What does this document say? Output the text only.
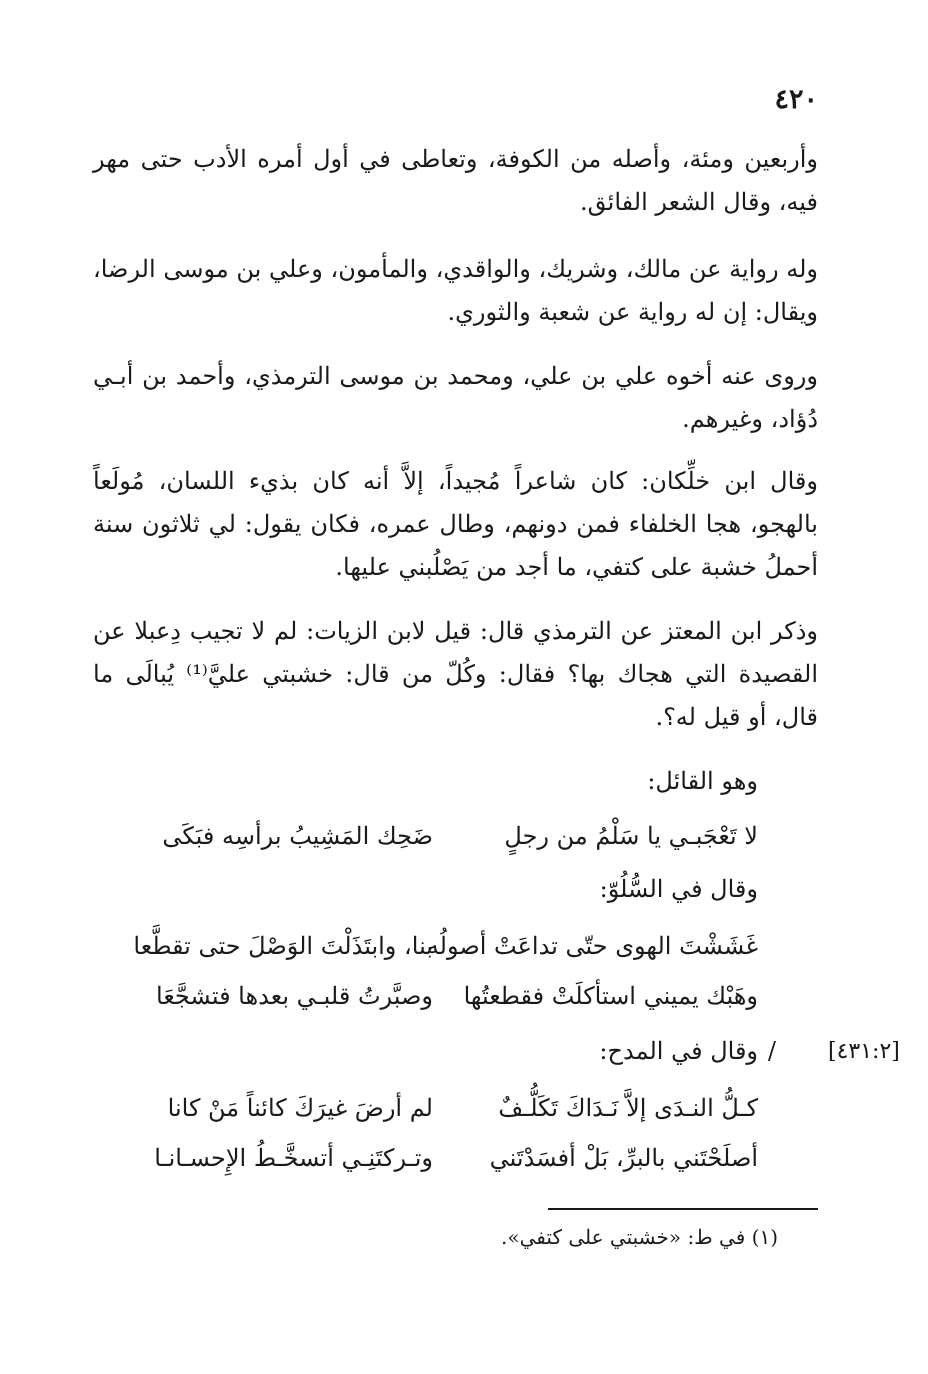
٤٢٠
وأربعين ومئة، وأصله من الكوفة، وتعاطى في أول أمره الأدب حتى مهر فيه، وقال الشعر الفائق.
وله رواية عن مالك، وشريك، والواقدي، والمأمون، وعلي بن موسى الرضا، ويقال: إن له رواية عن شعبة والثوري.
وروى عنه أخوه علي بن علي، ومحمد بن موسى الترمذي، وأحمد بن أبـي دُؤاد، وغيرهم.
وقال ابن خلِّكان: كان شاعراً مُجيداً، إلاَّ أنه كان بذيء اللسان، مُولَعاً بالهجو، هجا الخلفاء فمن دونهم، وطال عمره، فكان يقول: لي ثلاثون سنة أحملُ خشبة على كتفي، ما أجد من يَصْلُبني عليها.
وذكر ابن المعتز عن الترمذي قال: قيل لابن الزيات: لم لا تجيب دِعبلا عن القصيدة التي هجاك بها؟ فقال: وكُلّ من قال: خشبتي عليَّ⁽¹⁾ يُبالَى ما قال، أو قيل له؟.
وهو القائل:
لا تَعْجَبـي يا سَلْمُ من رجلٍ
ضَحِك المَشِيبُ برأسِه فبَكَى
وقال في السُّلُوّ:
غَشَشْتَ الهوى حتّى تداعَتْ أصولُه
بنا، وابتَذَلْتَ الوَصْلَ حتى تقطَّعا
وهَبْك يميني استأكلَتْ فقطعتُها
وصبَّرتُ قلبـي بعدها فتشجَّعَا
/
وقال في المدح:	[٤٣١:٢]
كـلُّ النـدَى إلاَّ نَـدَاكَ تَكَلُّـفٌ
لم أرضَ غيرَكَ كائناً مَنْ كانا
أصلَحْتَني بالبرِّ، بَلْ أفسَدْتَني
وتـركتَنِـي أتسخَّـطُ الإِحسـانـا
(١) في ط: «خشبتي على كتفي».
